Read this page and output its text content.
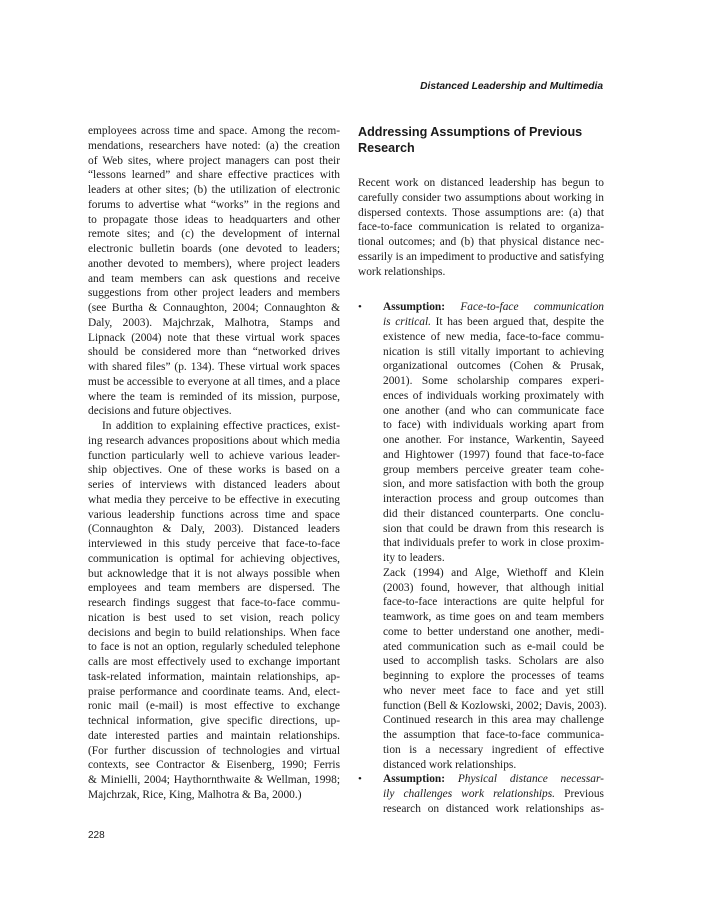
Distanced Leadership and Multimedia
employees across time and space. Among the recom-
mendations, researchers have noted: (a) the creation
of Web sites, where project managers can post their
“lessons learned” and share effective practices with
leaders at other sites; (b) the utilization of electronic
forums to advertise what “works” in the regions and
to propagate those ideas to headquarters and other
remote sites; and (c) the development of internal
electronic bulletin boards (one devoted to leaders;
another devoted to members), where project leaders
and team members can ask questions and receive
suggestions from other project leaders and members
(see Burtha & Connaughton, 2004; Connaughton &
Daly, 2003). Majchrzak, Malhotra, Stamps and
Lipnack (2004) note that these virtual work spaces
should be considered more than “networked drives
with shared files” (p. 134). These virtual work spaces
must be accessible to everyone at all times, and a place
where the team is reminded of its mission, purpose,
decisions and future objectives.
In addition to explaining effective practices, exist-
ing research advances propositions about which media
function particularly well to achieve various leader-
ship objectives. One of these works is based on a
series of interviews with distanced leaders about
what media they perceive to be effective in executing
various leadership functions across time and space
(Connaughton & Daly, 2003). Distanced leaders
interviewed in this study perceive that face-to-face
communication is optimal for achieving objectives,
but acknowledge that it is not always possible when
employees and team members are dispersed. The
research findings suggest that face-to-face commu-
nication is best used to set vision, reach policy
decisions and begin to build relationships. When face
to face is not an option, regularly scheduled telephone
calls are most effectively used to exchange important
task-related information, maintain relationships, ap-
praise performance and coordinate teams. And, elect-
ronic mail (e-mail) is most effective to exchange
technical information, give specific directions, up-
date interested parties and maintain relationships.
(For further discussion of technologies and virtual
contexts, see Contractor & Eisenberg, 1990; Ferris
& Minielli, 2004; Haythornthwaite & Wellman, 1998;
Majchrzak, Rice, King, Malhotra & Ba, 2000.)
Addressing Assumptions of Previous
Research
Recent work on distanced leadership has begun to
carefully consider two assumptions about working in
dispersed contexts. Those assumptions are: (a) that
face-to-face communication is related to organiza-
tional outcomes; and (b) that physical distance nec-
essarily is an impediment to productive and satisfying
work relationships.
• Assumption: Face-to-face communication
is critical. It has been argued that, despite the
existence of new media, face-to-face commu-
nication is still vitally important to achieving
organizational outcomes (Cohen & Prusak,
2001). Some scholarship compares experi-
ences of individuals working proximately with
one another (and who can communicate face
to face) with individuals working apart from
one another. For instance, Warkentin, Sayeed
and Hightower (1997) found that face-to-face
group members perceive greater team cohe-
sion, and more satisfaction with both the group
interaction process and group outcomes than
did their distanced counterparts. One conclu-
sion that could be drawn from this research is
that individuals prefer to work in close proxim-
ity to leaders.
Zack (1994) and Alge, Wiethoff and Klein
(2003) found, however, that although initial
face-to-face interactions are quite helpful for
teamwork, as time goes on and team members
come to better understand one another, medi-
ated communication such as e-mail could be
used to accomplish tasks. Scholars are also
beginning to explore the processes of teams
who never meet face to face and yet still
function (Bell & Kozlowski, 2002; Davis, 2003).
Continued research in this area may challenge
the assumption that face-to-face communica-
tion is a necessary ingredient of effective
distanced work relationships.
• Assumption: Physical distance necessar-
ily challenges work relationships. Previous
research on distanced work relationships as-
228
